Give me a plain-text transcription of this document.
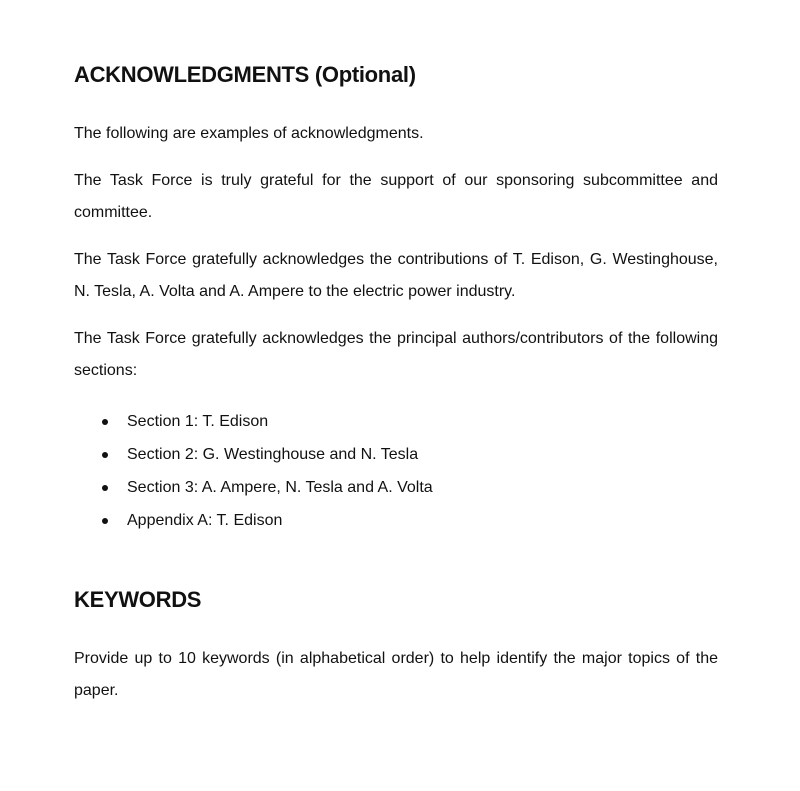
ACKNOWLEDGMENTS (Optional)

The following are examples of acknowledgments.

The Task Force is truly grateful for the support of our sponsoring subcommittee and committee.

The Task Force gratefully acknowledges the contributions of T. Edison, G. Westinghouse, N. Tesla, A. Volta and A. Ampere to the electric power industry.

The Task Force gratefully acknowledges the principal authors/contributors of the following sections:

Section 1: T. Edison
Section 2: G. Westinghouse and N. Tesla
Section 3: A. Ampere, N. Tesla and A. Volta
Appendix A: T. Edison
KEYWORDS

Provide up to 10 keywords (in alphabetical order) to help identify the major topics of the paper.
